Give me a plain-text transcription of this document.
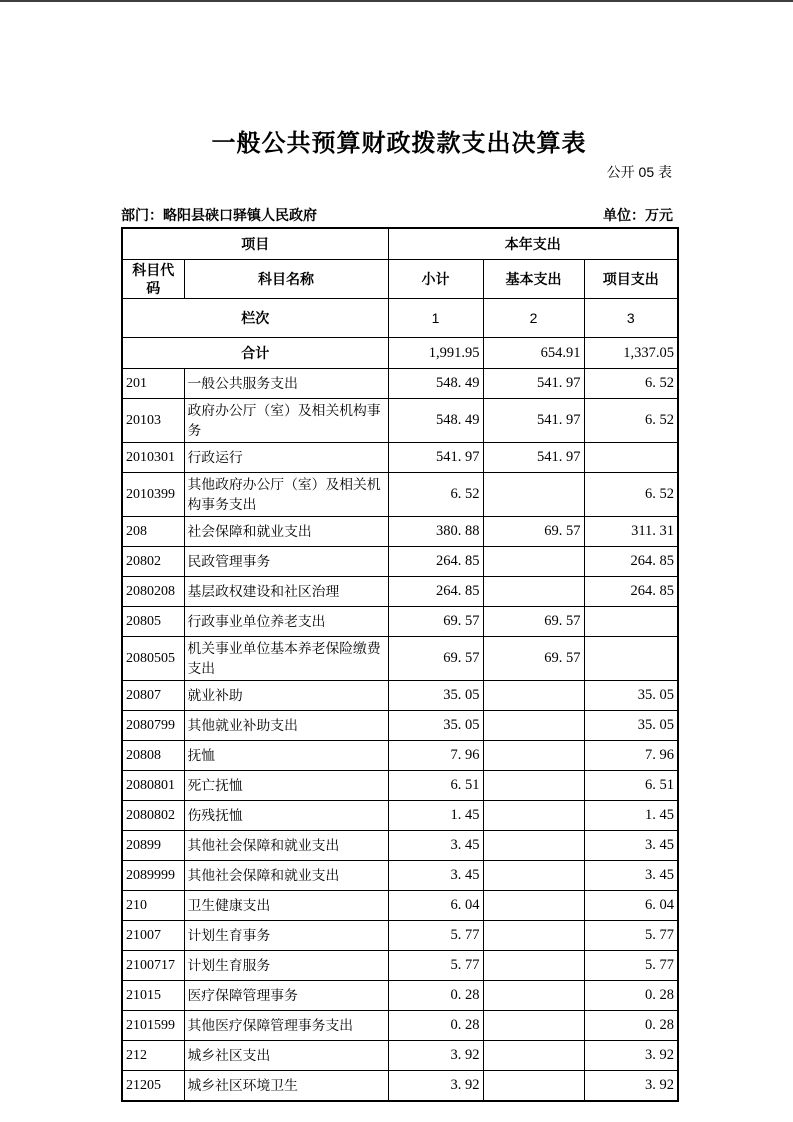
一般公共预算财政拨款支出决算表
公开 05 表
部门：略阳县硖口驿镇人民政府	单位：万元
项目		本年支出		
科目代码	科目名称	小计	基本支出	项目支出
栏次		1	2	3
合计		1,991.95	654.91	1,337.05
201	一般公共服务支出	548. 49	541. 97	6. 52
20103	政府办公厅（室）及相关机构事务	548. 49	541. 97	6. 52
2010301	行政运行	541. 97	541. 97	
2010399	其他政府办公厅（室）及相关机构事务支出	6. 52		6. 52
208	社会保障和就业支出	380. 88	69. 57	311. 31
20802	民政管理事务	264. 85		264. 85
2080208	基层政权建设和社区治理	264. 85		264. 85
20805	行政事业单位养老支出	69. 57	69. 57	
2080505	机关事业单位基本养老保险缴费支出	69. 57	69. 57	
20807	就业补助	35. 05		35. 05
2080799	其他就业补助支出	35. 05		35. 05
20808	抚恤	7. 96		7. 96
2080801	死亡抚恤	6. 51		6. 51
2080802	伤残抚恤	1. 45		1. 45
20899	其他社会保障和就业支出	3. 45		3. 45
2089999	其他社会保障和就业支出	3. 45		3. 45
210	卫生健康支出	6. 04		6. 04
21007	计划生育事务	5. 77		5. 77
2100717	计划生育服务	5. 77		5. 77
21015	医疗保障管理事务	0. 28		0. 28
2101599	其他医疗保障管理事务支出	0. 28		0. 28
212	城乡社区支出	3. 92		3. 92
21205	城乡社区环境卫生	3. 92		3. 92
